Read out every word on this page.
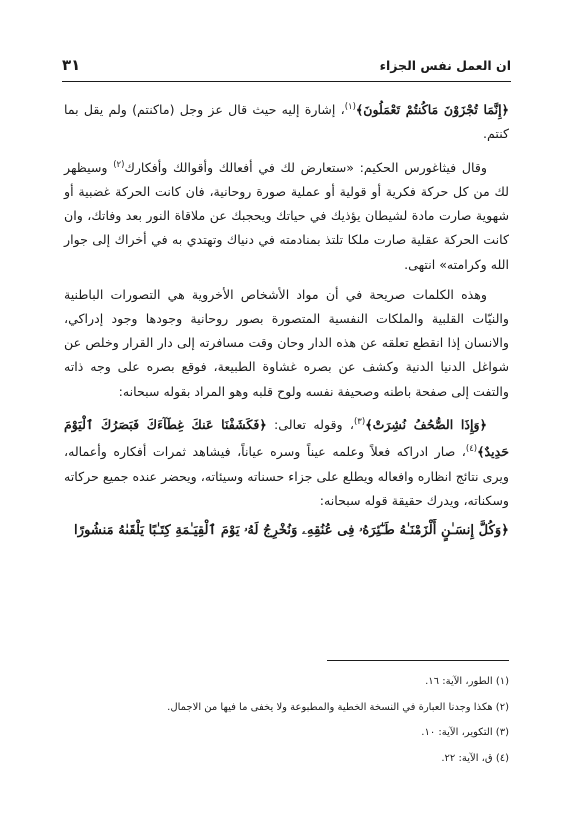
ان العمل نفس الجزاء
٣١

﴿إِنَّمَا تُجْزَوْنَ مَاكُنتُمْ تَعْمَلُونَ﴾$^{(١)}$، إشارة إليه حيث قال عز وجل (ماكنتم) ولم يقل بما كنتم.

وقال فيثاغورس الحكيم: «ستعارض لك في أفعالك وأقوالك وأفكارك$^{(٢)}$ وسيظهر لك من كل حركة فكرية أو قولية أو عملية صورة روحانية، فان كانت الحركة غضبية أو شهوية صارت مادة لشيطان يؤذيك في حياتك ويحجبك عن ملاقاة النور بعد وفاتك، وان كانت الحركة عقلية صارت ملكا تلتذ بمنادمته في دنياك وتهتدي به في أخراك إلى جوار الله وكرامته» انتهى.

وهذه الكلمات صريحة في أن مواد الأشخاص الأخروية هي التصورات الباطنية والنيّات القلبية والملكات النفسية المتصورة بصور روحانية وجودها وجود إدراكي، والانسان إذا انقطع تعلقه عن هذه الدار وحان وقت مسافرته إلى دار القرار وخلص عن شواغل الدنيا الدنية وكشف عن بصره غشاوة الطبيعة، فوقع بصره على وجه ذاته والتفت إلى صفحة باطنه وصحيفة نفسه ولوح قلبه وهو المراد بقوله سبحانه:

﴿وَإِذَا الصُّحُفُ نُشِرَتْ﴾$^{(٣)}$، وقوله تعالى: ﴿فَكَشَفْنَا عَنكَ غِطَآءَكَ فَبَصَرُكَ ٱلْيَوْمَ حَدِيدٌ﴾$^{(٤)}$، صار ادراكه فعلاً وعلمه عيناً وسره عياناً، فيشاهد ثمرات أفكاره وأعماله، ويرى نتائج انظاره وافعاله ويطلع على جزاء حسناته وسيئاته، ويحضر عنده جميع حركاته وسكناته، ويدرك حقيقة قوله سبحانه:

﴿وَكُلَّ إِنسَـٰنٍ أَلْزَمْنَـٰهُ طَـٰٓئِرَهُۥ فِى عُنُقِهِۦ وَنُخْرِجُ لَهُۥ يَوْمَ ٱلْقِيَـٰمَةِ كِتَـٰبًا يَلْقَىٰهُ مَنشُورًا

(١) الطور، الآية: ١٦.
(٢) هكذا وجدنا العبارة في النسخة الخطية والمطبوعة ولا يخفى ما فيها من الاجمال.
(٣) التكوير، الآية: ١٠.
(٤) ق، الآية: ٢٢.
